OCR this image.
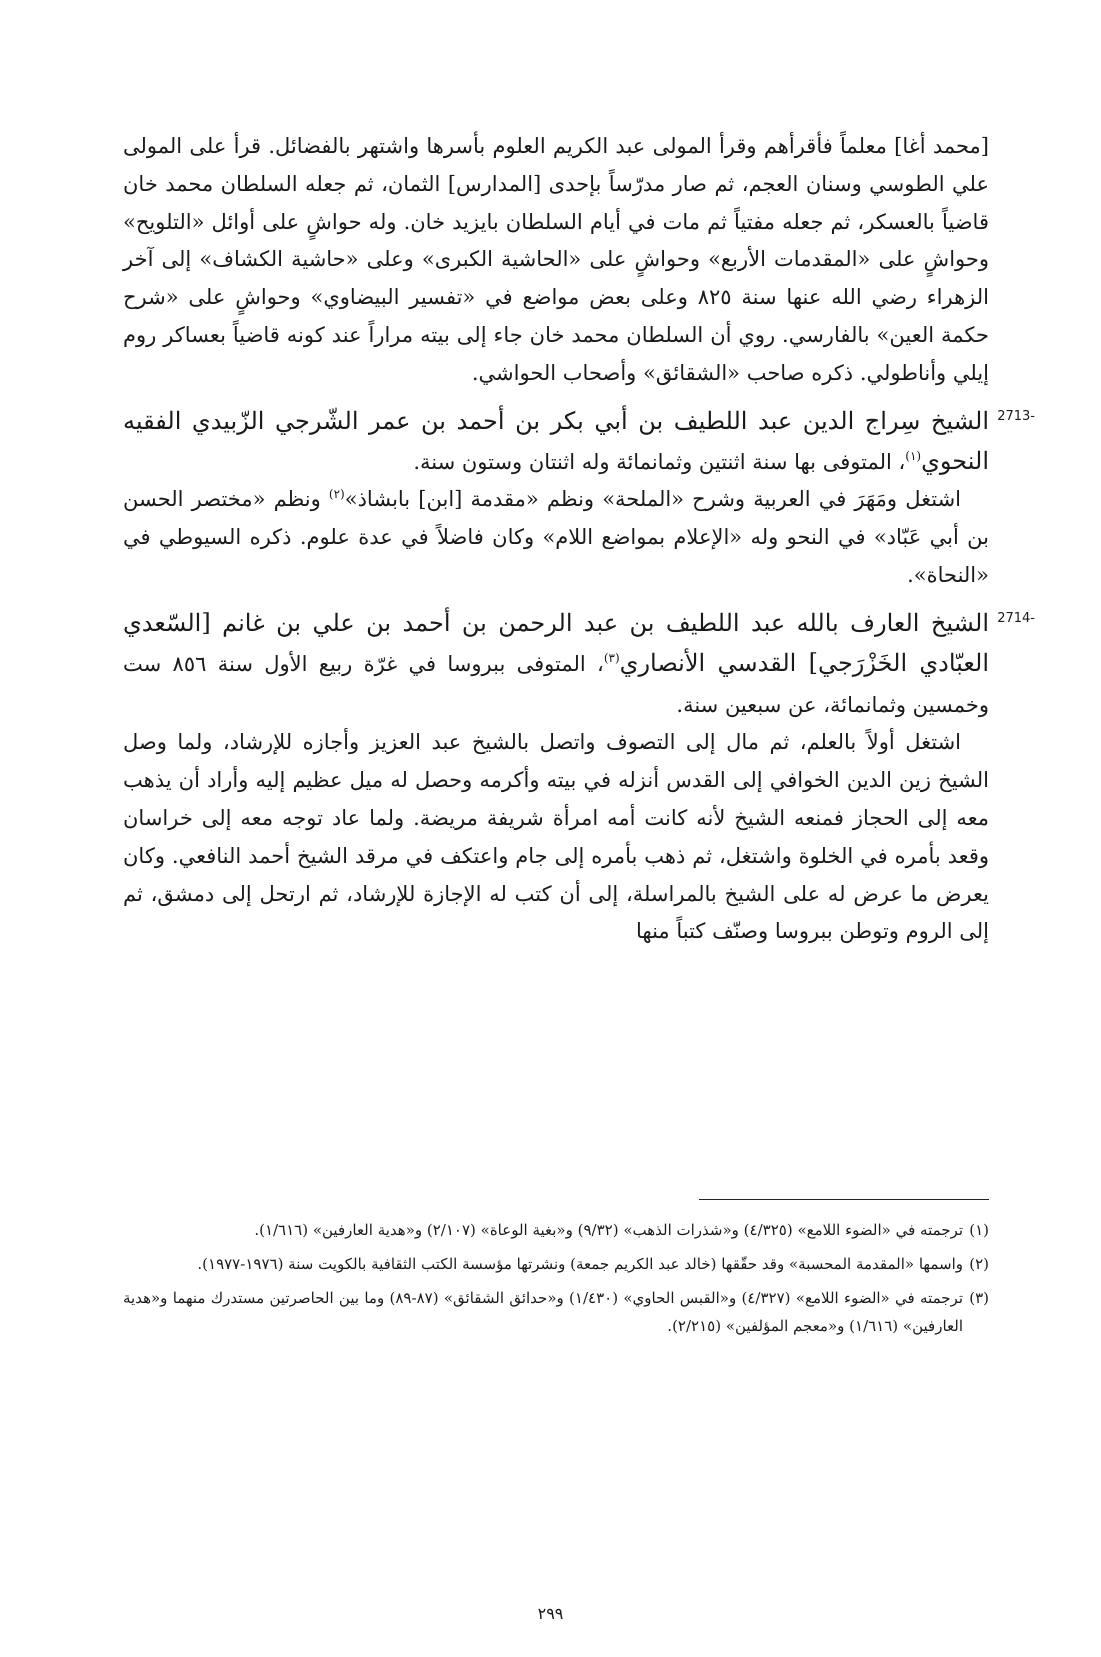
[محمد أغا] معلماً فأقرأهم وقرأ المولى عبد الكريم العلوم بأسرها واشتهر بالفضائل. قرأ على المولى علي الطوسي وسنان العجم، ثم صار مدرّساً بإحدى [المدارس] الثمان، ثم جعله السلطان محمد خان قاضياً بالعسكر، ثم جعله مفتياً ثم مات في أيام السلطان بايزيد خان. وله حواشٍ على أوائل «التلويح» وحواشٍ على «المقدمات الأربع» وحواشٍ على «الحاشية الكبرى» وعلى «حاشية الكشاف» إلى آخر الزهراء رضي الله عنها سنة ٨٢٥ وعلى بعض مواضع في «تفسير البيضاوي» وحواشٍ على «شرح حكمة العين» بالفارسي. روي أن السلطان محمد خان جاء إلى بيته مراراً عند كونه قاضياً بعساكر روم إيلي وأناطولي. ذكره صاحب «الشقائق» وأصحاب الحواشي.

2713-

الشيخ سِراج الدين عبد اللطيف بن أبي بكر بن أحمد بن عمر الشّرجي الزّبيدي الفقيه النحوي$^{(١)}$، المتوفى بها سنة اثنتين وثمانمائة وله اثنتان وستون سنة.

اشتغل ومَهَرَ في العربية وشرح «الملحة» ونظم «مقدمة [ابن] بابشاذ»$^{(٢)}$ ونظم «مختصر الحسن بن أبي عَبّاد» في النحو وله «الإعلام بمواضع اللام» وكان فاضلاً في عدة علوم. ذكره السيوطي في «النحاة».

2714-

الشيخ العارف بالله عبد اللطيف بن عبد الرحمن بن أحمد بن علي بن غانم [السّعدي العبّادي الخَزْرَجي] القدسي الأنصاري$^{(٣)}$، المتوفى ببروسا في غرّة ربيع الأول سنة ٨٥٦ ست وخمسين وثمانمائة، عن سبعين سنة.

اشتغل أولاً بالعلم، ثم مال إلى التصوف واتصل بالشيخ عبد العزيز وأجازه للإرشاد، ولما وصل الشيخ زين الدين الخوافي إلى القدس أنزله في بيته وأكرمه وحصل له ميل عظيم إليه وأراد أن يذهب معه إلى الحجاز فمنعه الشيخ لأنه كانت أمه امرأة شريفة مريضة. ولما عاد توجه معه إلى خراسان وقعد بأمره في الخلوة واشتغل، ثم ذهب بأمره إلى جام واعتكف في مرقد الشيخ أحمد النافعي. وكان يعرض ما عرض له على الشيخ بالمراسلة، إلى أن كتب له الإجازة للإرشاد، ثم ارتحل إلى دمشق، ثم إلى الروم وتوطن ببروسا وصنّف كتباً منها

(١)
ترجمته في «الضوء اللامع» (٤/٣٢٥) و«شذرات الذهب» (٩/٣٢) و«بغية الوعاة» (٢/١٠٧) و«هدية العارفين» (١/٦١٦).

(٢)
واسمها «المقدمة المحسبة» وقد حقّقها (خالد عبد الكريم جمعة) ونشرتها مؤسسة الكتب الثقافية بالكويت سنة (١٩٧٦-١٩٧٧).

(٣)
ترجمته في «الضوء اللامع» (٤/٣٢٧) و«القبس الحاوي» (١/٤٣٠) و«حدائق الشقائق» (٨٧-٨٩) وما بين الحاصرتين مستدرك منهما و«هدية العارفين» (١/٦١٦) و«معجم المؤلفين» (٢/٢١٥).

٢٩٩
